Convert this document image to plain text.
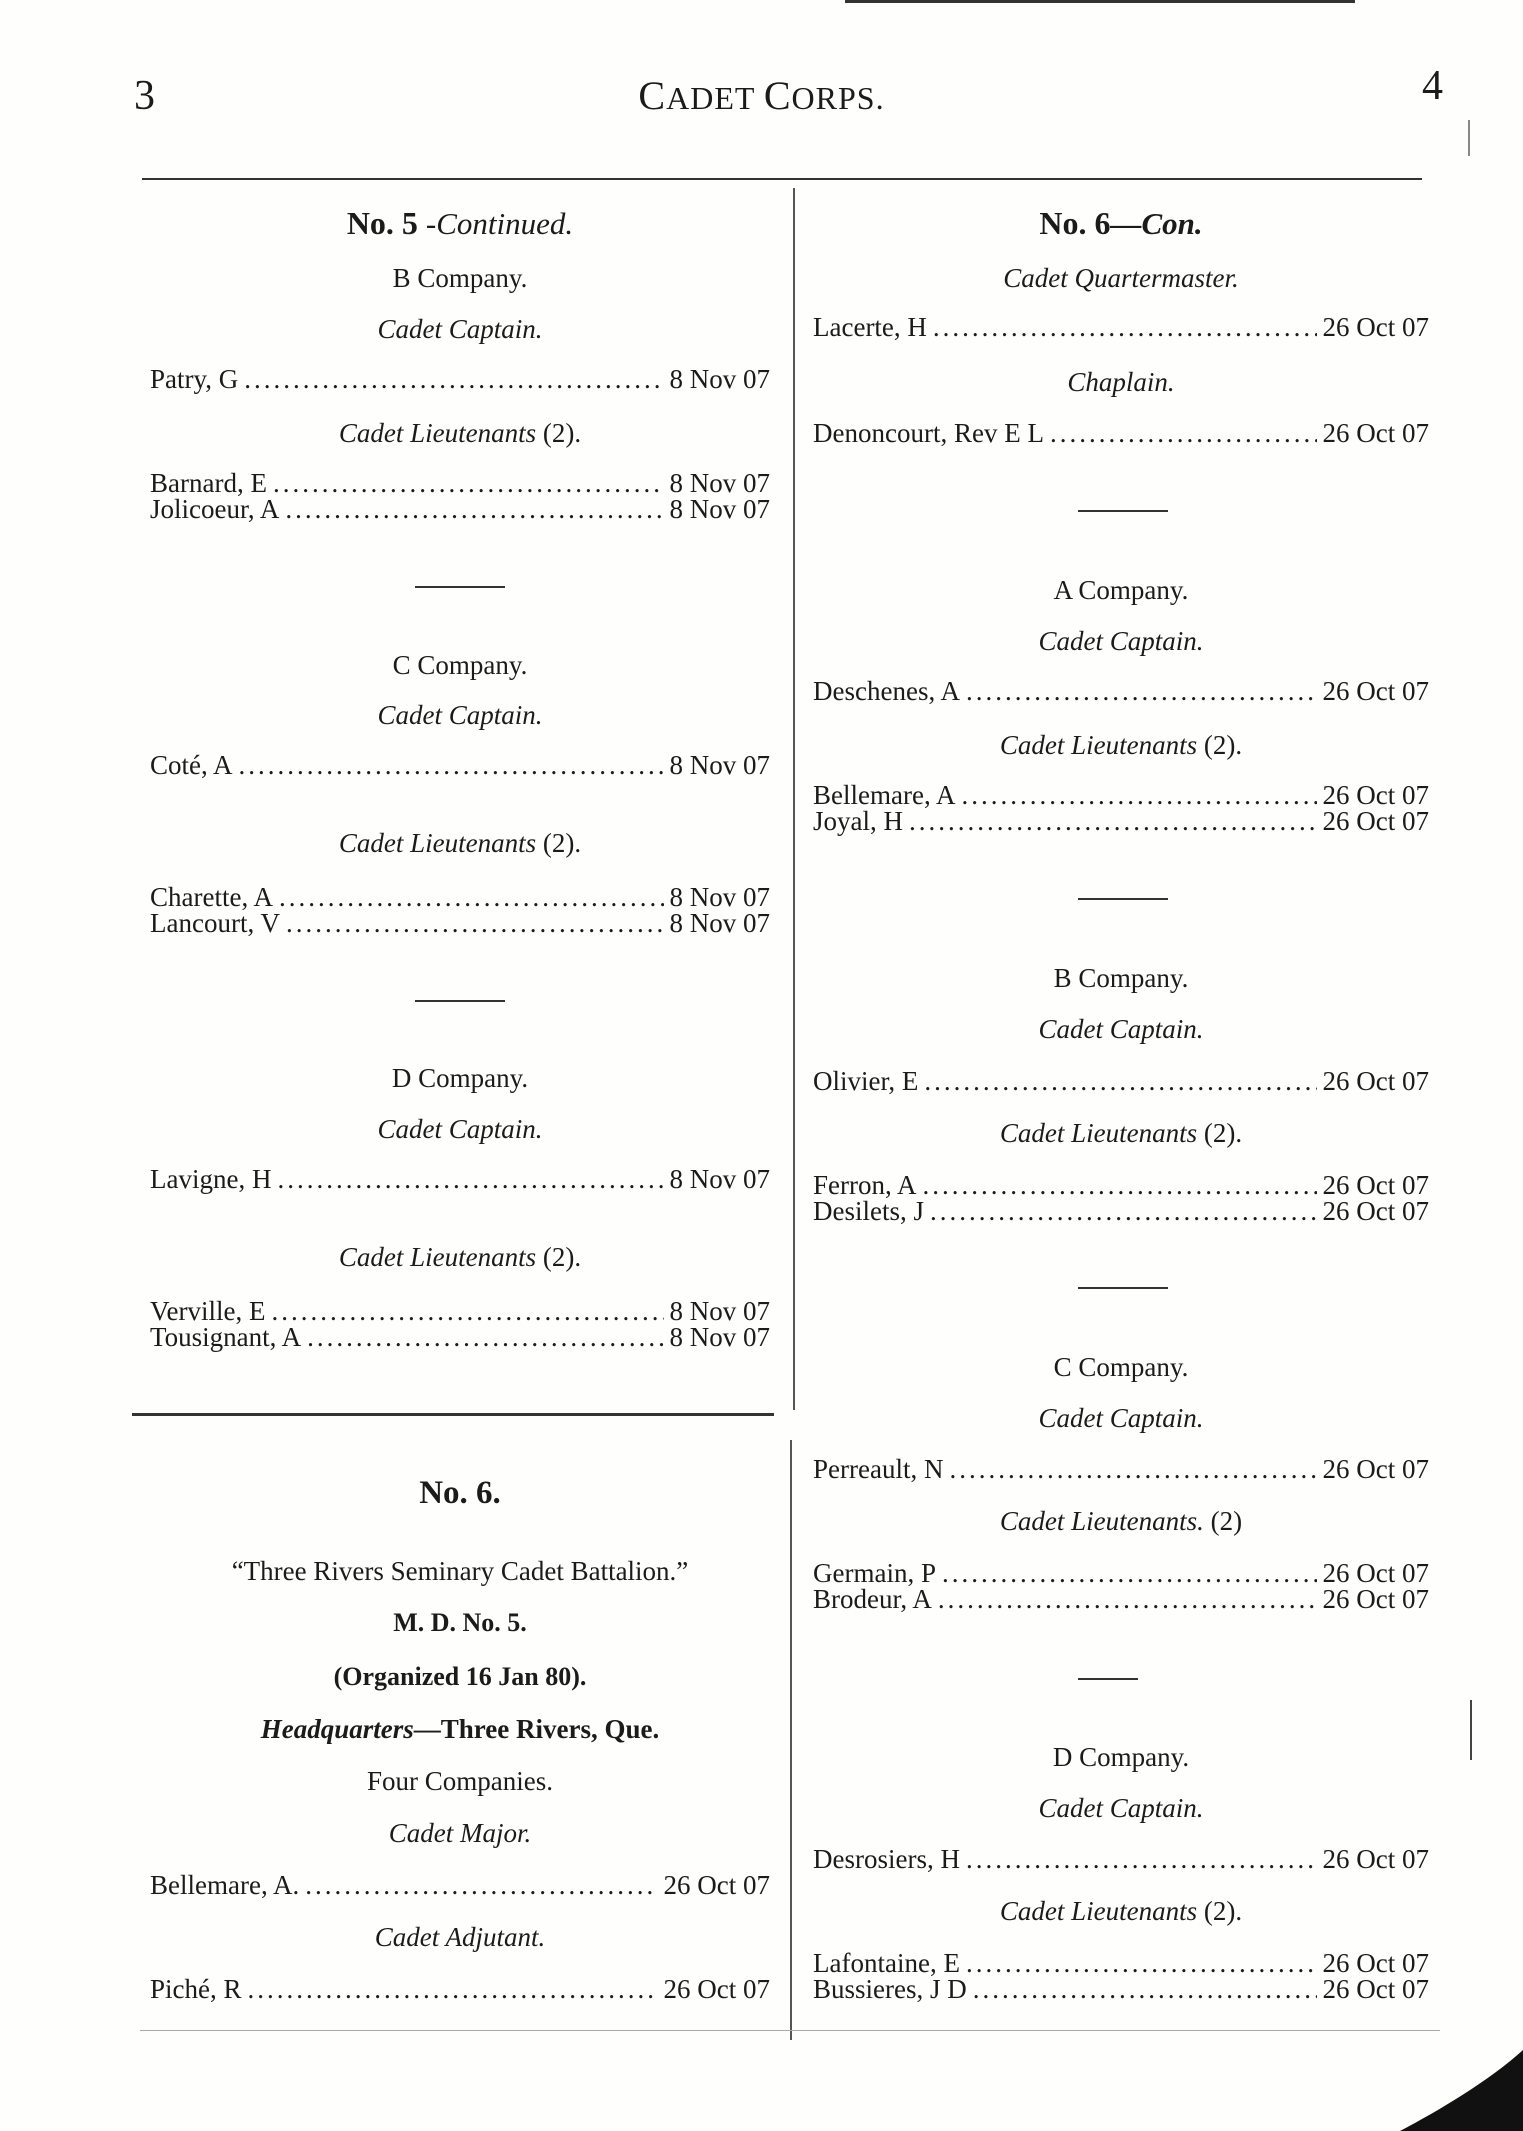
3	CADET CORPS.	4
No. 5 -Continued.
B Company.
Cadet Captain.
Patry, G .....	8 Nov 07
Cadet Lieutenants (2).
Barnard, E .....	8 Nov 07
Jolicoeur, A .....	8 Nov 07
C Company.
Cadet Captain.
Coté, A .....	8 Nov 07
Cadet Lieutenants (2).
Charette, A .....	8 Nov 07
Lancourt, V .....	8 Nov 07
D Company.
Cadet Captain.
Lavigne, H .....	8 Nov 07
Cadet Lieutenants (2).
Verville, E .....	8 Nov 07
Tousignant, A .....	8 Nov 07
No. 6.
“Three Rivers Seminary Cadet Battalion.”
M. D. No. 5.
(Organized 16 Jan 80).
Headquarters—Three Rivers, Que.
Four Companies.
Cadet Major.
Bellemare, A. .....	26 Oct 07
Cadet Adjutant.
Piché, R .....	26 Oct 07
No. 6—Con.
Cadet Quartermaster.
Lacerte, H .....	26 Oct 07
Chaplain.
Denoncourt, Rev E L .....	26 Oct 07
A Company.
Cadet Captain.
Deschenes, A .....	26 Oct 07
Cadet Lieutenants (2).
Bellemare, A .....	26 Oct 07
Joyal, H .....	26 Oct 07
B Company.
Cadet Captain.
Olivier, E .....	26 Oct 07
Cadet Lieutenants (2).
Ferron, A .....	26 Oct 07
Desilets, J .....	26 Oct 07
C Company.
Cadet Captain.
Perreault, N .....	26 Oct 07
Cadet Lieutenants. (2)
Germain, P .....	26 Oct 07
Brodeur, A .....	26 Oct 07
D Company.
Cadet Captain.
Desrosiers, H .....	26 Oct 07
Cadet Lieutenants (2).
Lafontaine, E .....	26 Oct 07
Bussieres, J D .....	26 Oct 07
